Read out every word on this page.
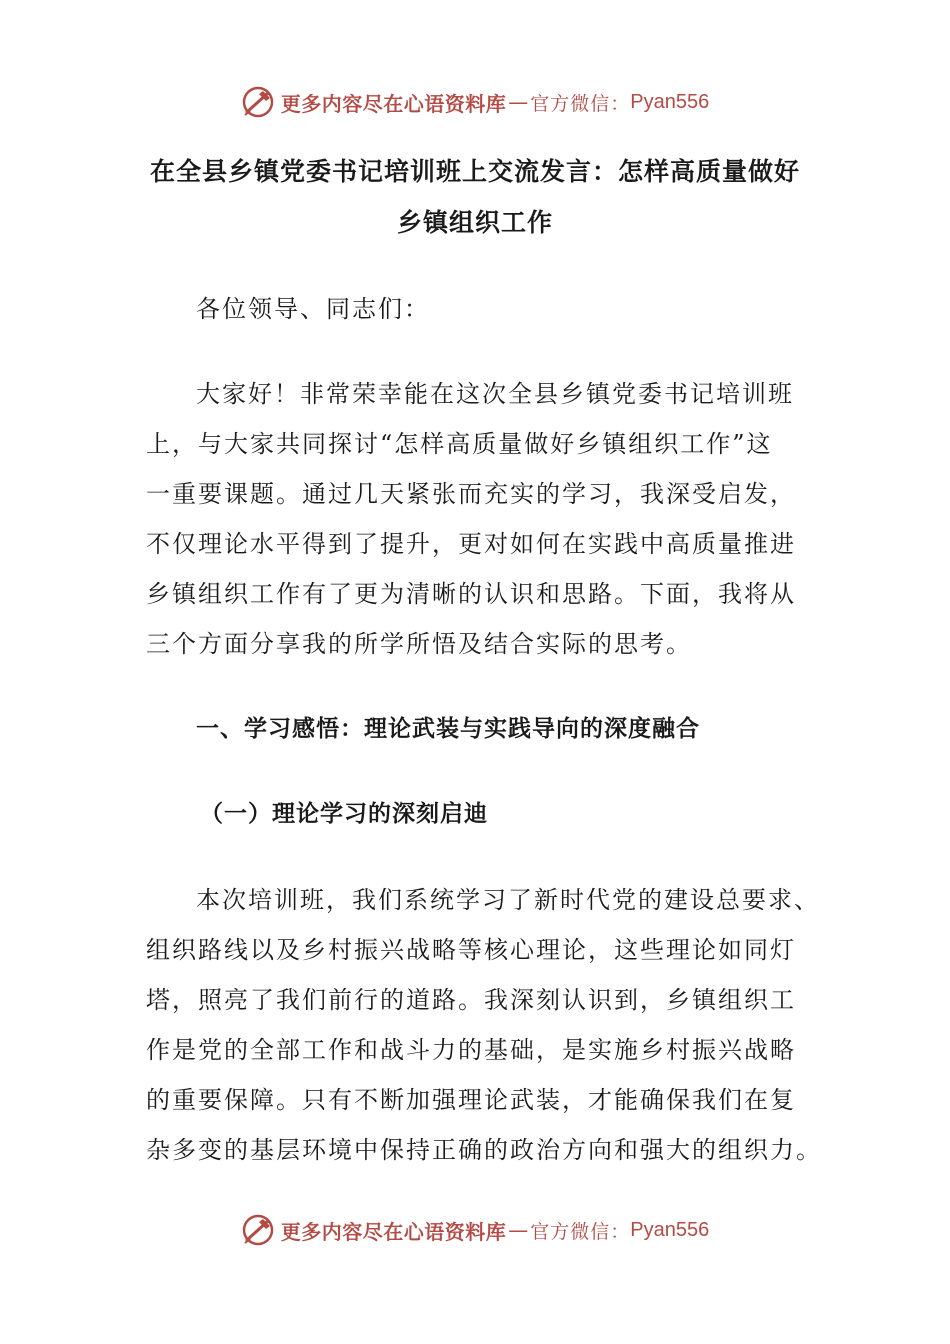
更多内容尽在心语资料库 — 官方微信： Pyan556
在全县乡镇党委书记培训班上交流发言：怎样高质量做好
乡镇组织工作
各位领导、同志们：
大家好！非常荣幸能在这次全县乡镇党委书记培训班
上，与大家共同探讨“怎样高质量做好乡镇组织工作”这
一重要课题。通过几天紧张而充实的学习，我深受启发，
不仅理论水平得到了提升，更对如何在实践中高质量推进
乡镇组织工作有了更为清晰的认识和思路。下面，我将从
三个方面分享我的所学所悟及结合实际的思考。
一、学习感悟：理论武装与实践导向的深度融合
（一）理论学习的深刻启迪
本次培训班，我们系统学习了新时代党的建设总要求、
组织路线以及乡村振兴战略等核心理论，这些理论如同灯
塔，照亮了我们前行的道路。我深刻认识到，乡镇组织工
作是党的全部工作和战斗力的基础，是实施乡村振兴战略
的重要保障。只有不断加强理论武装，才能确保我们在复
杂多变的基层环境中保持正确的政治方向和强大的组织力。
更多内容尽在心语资料库 — 官方微信： Pyan556
